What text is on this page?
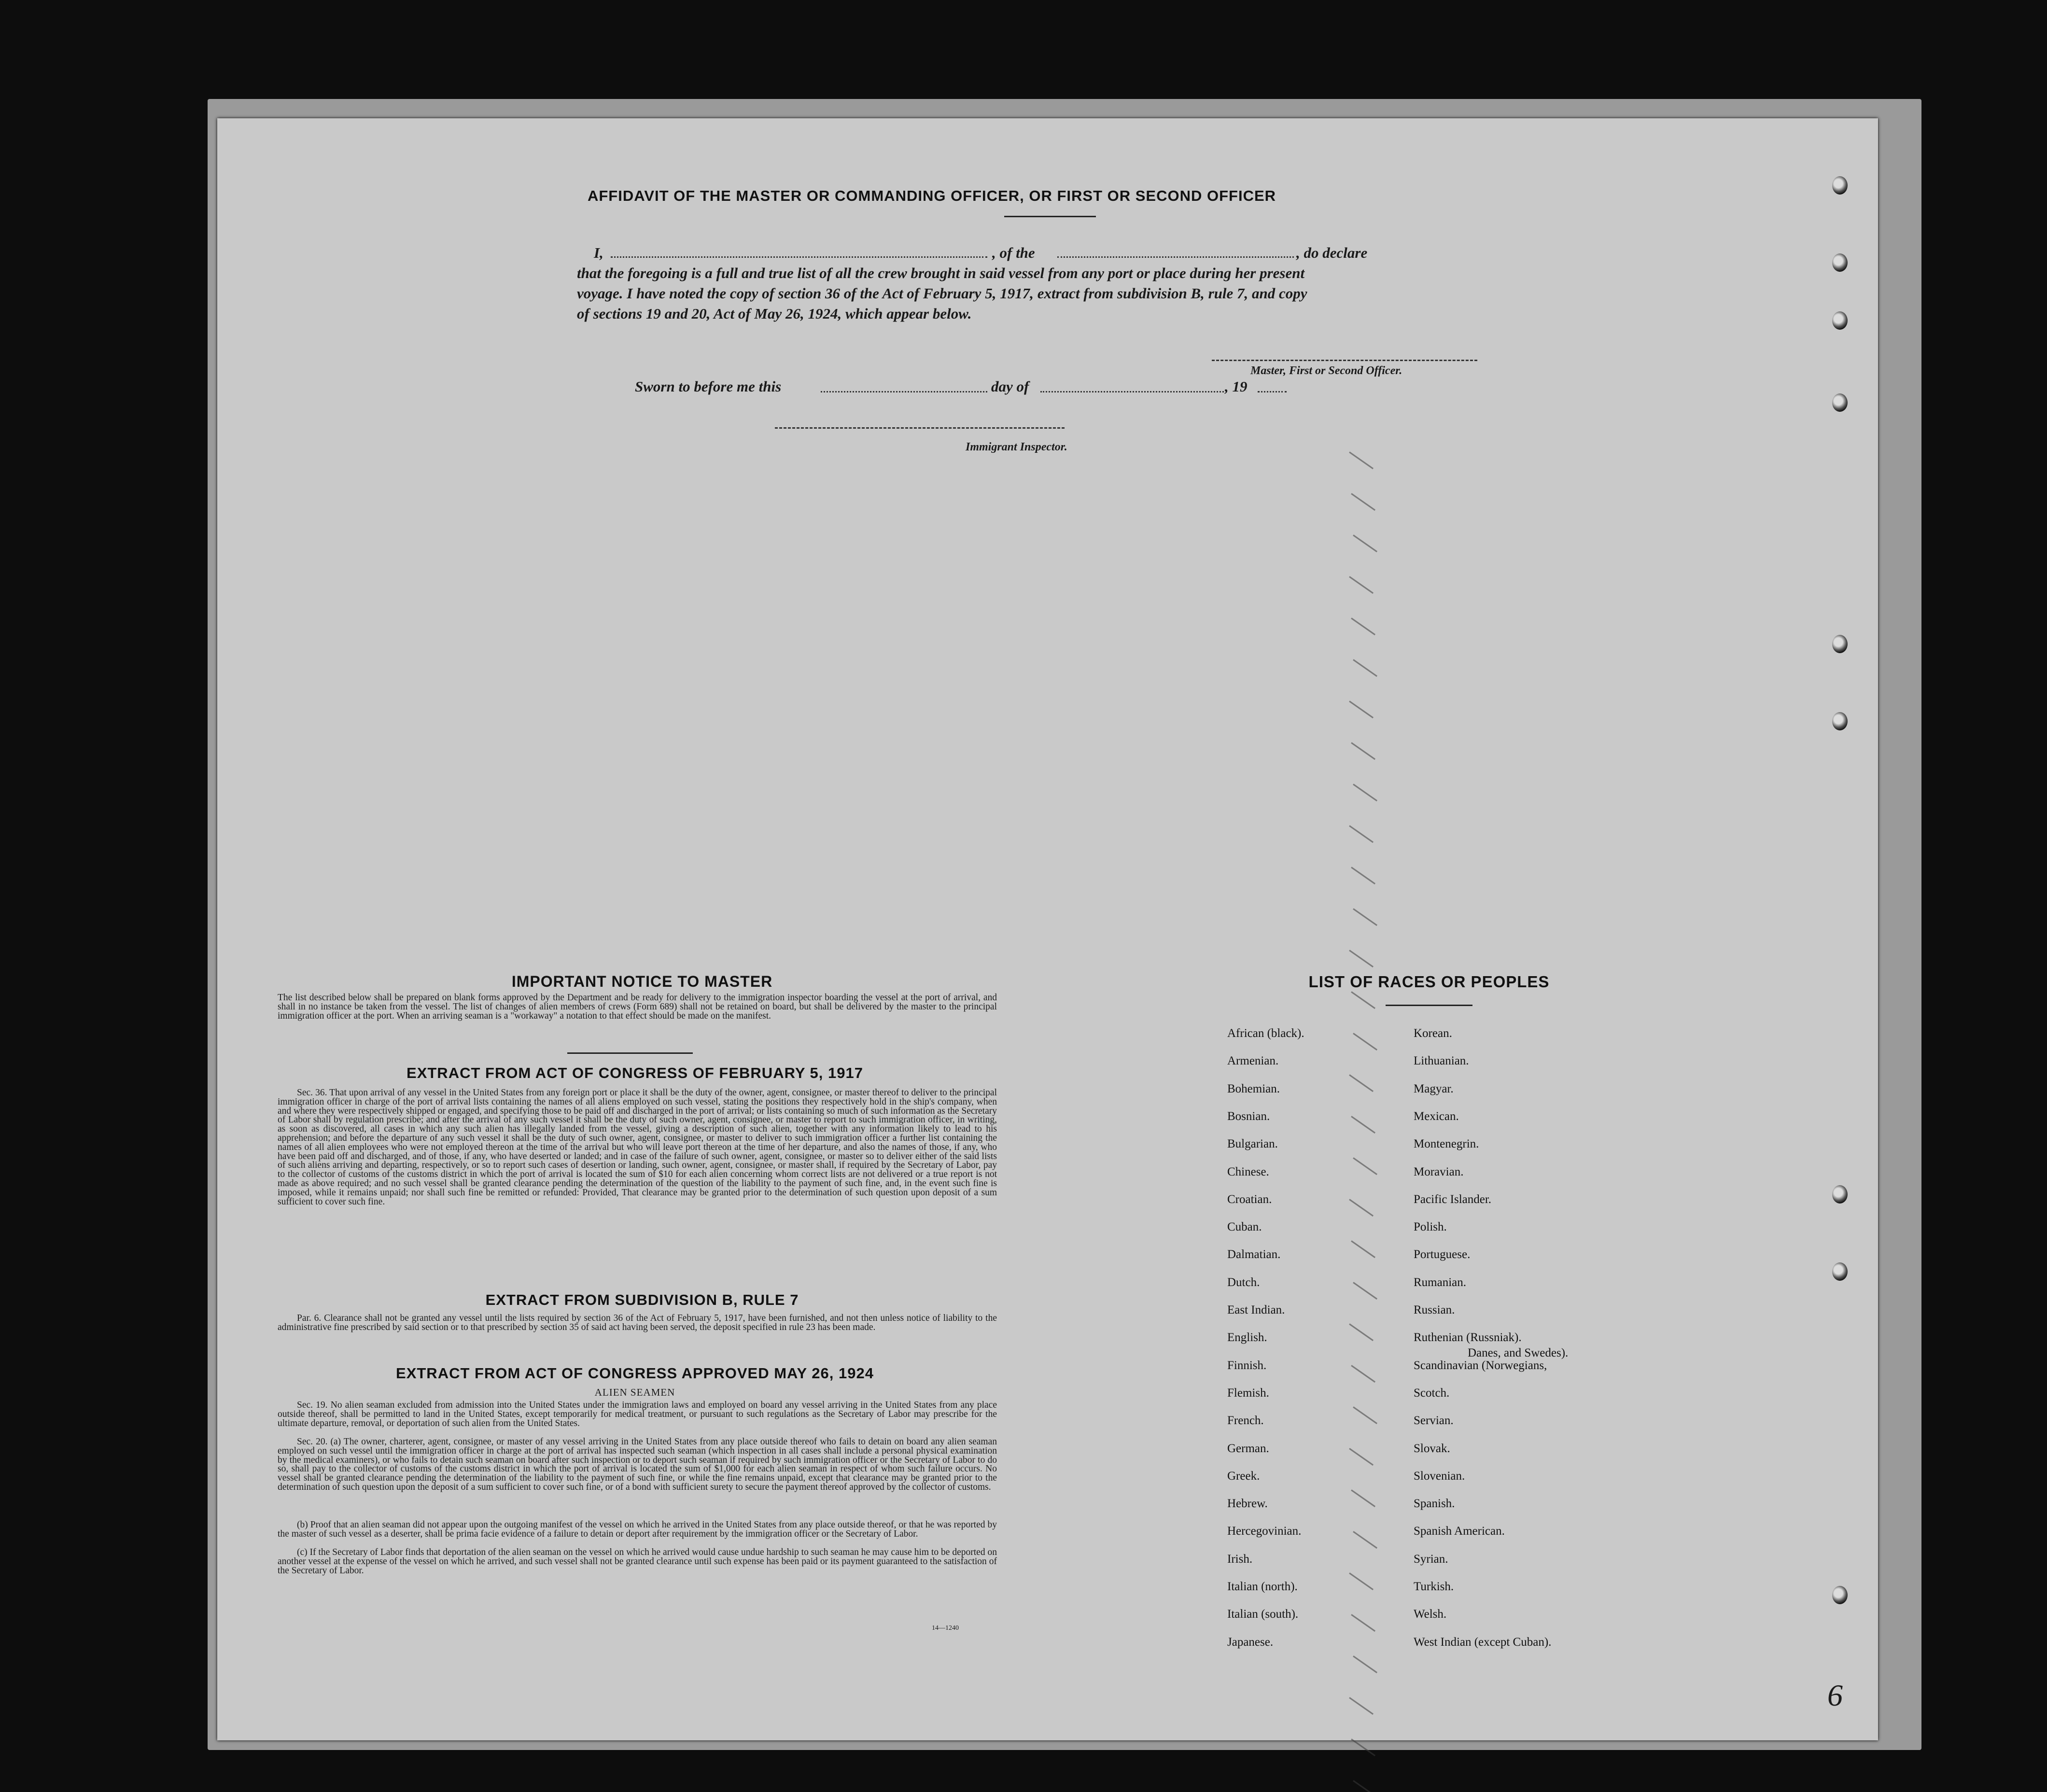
AFFIDAVIT OF THE MASTER OR COMMANDING OFFICER, OR FIRST OR SECOND OFFICER
I,	, of the	, do declare
that the foregoing is a full and true list of all the crew brought in said vessel from any port or place during her present
voyage. I have noted the copy of section 36 of the Act of February 5, 1917, extract from subdivision B, rule 7, and copy
of sections 19 and 20, Act of May 26, 1924, which appear below.
Master, First or Second Officer.
Sworn to before me this	day of	, 19
Immigrant Inspector.
IMPORTANT NOTICE TO MASTER
The list described below shall be prepared on blank forms approved by the Department and be ready for delivery to the immigration inspector boarding the vessel at the port of arrival, and shall in no instance be taken from the vessel. The list of changes of alien members of crews (Form 689) shall not be retained on board, but shall be delivered by the master to the principal immigration officer at the port. When an arriving seaman is a "workaway" a notation to that effect should be made on the manifest.
EXTRACT FROM ACT OF CONGRESS OF FEBRUARY 5, 1917
Sec. 36. That upon arrival of any vessel in the United States from any foreign port or place it shall be the duty of the owner, agent, consignee, or master thereof to deliver to the principal immigration officer in charge of the port of arrival lists containing the names of all aliens employed on such vessel, stating the positions they respectively hold in the ship's company, when and where they were respectively shipped or engaged, and specifying those to be paid off and discharged in the port of arrival; or lists containing so much of such information as the Secretary of Labor shall by regulation prescribe; and after the arrival of any such vessel it shall be the duty of such owner, agent, consignee, or master to report to such immigration officer, in writing, as soon as discovered, all cases in which any such alien has illegally landed from the vessel, giving a description of such alien, together with any information likely to lead to his apprehension; and before the departure of any such vessel it shall be the duty of such owner, agent, consignee, or master to deliver to such immigration officer a further list containing the names of all alien employees who were not employed thereon at the time of the arrival but who will leave port thereon at the time of her departure, and also the names of those, if any, who have been paid off and discharged, and of those, if any, who have deserted or landed; and in case of the failure of such owner, agent, consignee, or master so to deliver either of the said lists of such aliens arriving and departing, respectively, or so to report such cases of desertion or landing, such owner, agent, consignee, or master shall, if required by the Secretary of Labor, pay to the collector of customs of the customs district in which the port of arrival is located the sum of $10 for each alien concerning whom correct lists are not delivered or a true report is not made as above required; and no such vessel shall be granted clearance pending the determination of the question of the liability to the payment of such fine, and, in the event such fine is imposed, while it remains unpaid; nor shall such fine be remitted or refunded: Provided, That clearance may be granted prior to the determination of such question upon deposit of a sum sufficient to cover such fine.
EXTRACT FROM SUBDIVISION B, RULE 7
Par. 6. Clearance shall not be granted any vessel until the lists required by section 36 of the Act of February 5, 1917, have been furnished, and not then unless notice of liability to the administrative fine prescribed by said section or to that prescribed by section 35 of said act having been served, the deposit specified in rule 23 has been made.
EXTRACT FROM ACT OF CONGRESS APPROVED MAY 26, 1924
ALIEN SEAMEN
Sec. 19. No alien seaman excluded from admission into the United States under the immigration laws and employed on board any vessel arriving in the United States from any place outside thereof, shall be permitted to land in the United States, except temporarily for medical treatment, or pursuant to such regulations as the Secretary of Labor may prescribe for the ultimate departure, removal, or deportation of such alien from the United States.
Sec. 20. (a) The owner, charterer, agent, consignee, or master of any vessel arriving in the United States from any place outside thereof who fails to detain on board any alien seaman employed on such vessel until the immigration officer in charge at the port of arrival has inspected such seaman (which inspection in all cases shall include a personal physical examination by the medical examiners), or who fails to detain such seaman on board after such inspection or to deport such seaman if required by such immigration officer or the Secretary of Labor to do so, shall pay to the collector of customs of the customs district in which the port of arrival is located the sum of $1,000 for each alien seaman in respect of whom such failure occurs. No vessel shall be granted clearance pending the determination of the liability to the payment of such fine, or while the fine remains unpaid, except that clearance may be granted prior to the determination of such question upon the deposit of a sum sufficient to cover such fine, or of a bond with sufficient surety to secure the payment thereof approved by the collector of customs.
(b) Proof that an alien seaman did not appear upon the outgoing manifest of the vessel on which he arrived in the United States from any place outside thereof, or that he was reported by the master of such vessel as a deserter, shall be prima facie evidence of a failure to detain or deport after requirement by the immigration officer or the Secretary of Labor.
(c) If the Secretary of Labor finds that deportation of the alien seaman on the vessel on which he arrived would cause undue hardship to such seaman he may cause him to be deported on another vessel at the expense of the vessel on which he arrived, and such vessel shall not be granted clearance until such expense has been paid or its payment guaranteed to the satisfaction of the Secretary of Labor.
14—1240
LIST OF RACES OR PEOPLES
African (black).
Armenian.
Bohemian.
Bosnian.
Bulgarian.
Chinese.
Croatian.
Cuban.
Dalmatian.
Dutch.
East Indian.
English.
Finnish.
Flemish.
French.
German.
Greek.
Hebrew.
Hercegovinian.
Irish.
Italian (north).
Italian (south).
Japanese.
Korean.
Lithuanian.
Magyar.
Mexican.
Montenegrin.
Moravian.
Pacific Islander.
Polish.
Portuguese.
Rumanian.
Russian.
Ruthenian (Russniak).
Scandinavian (Norwegians,
Scotch.
Servian.
Slovak.
Slovenian.
Spanish.
Spanish American.
Syrian.
Turkish.
Welsh.
West Indian (except Cuban).
Danes, and Swedes).
6
